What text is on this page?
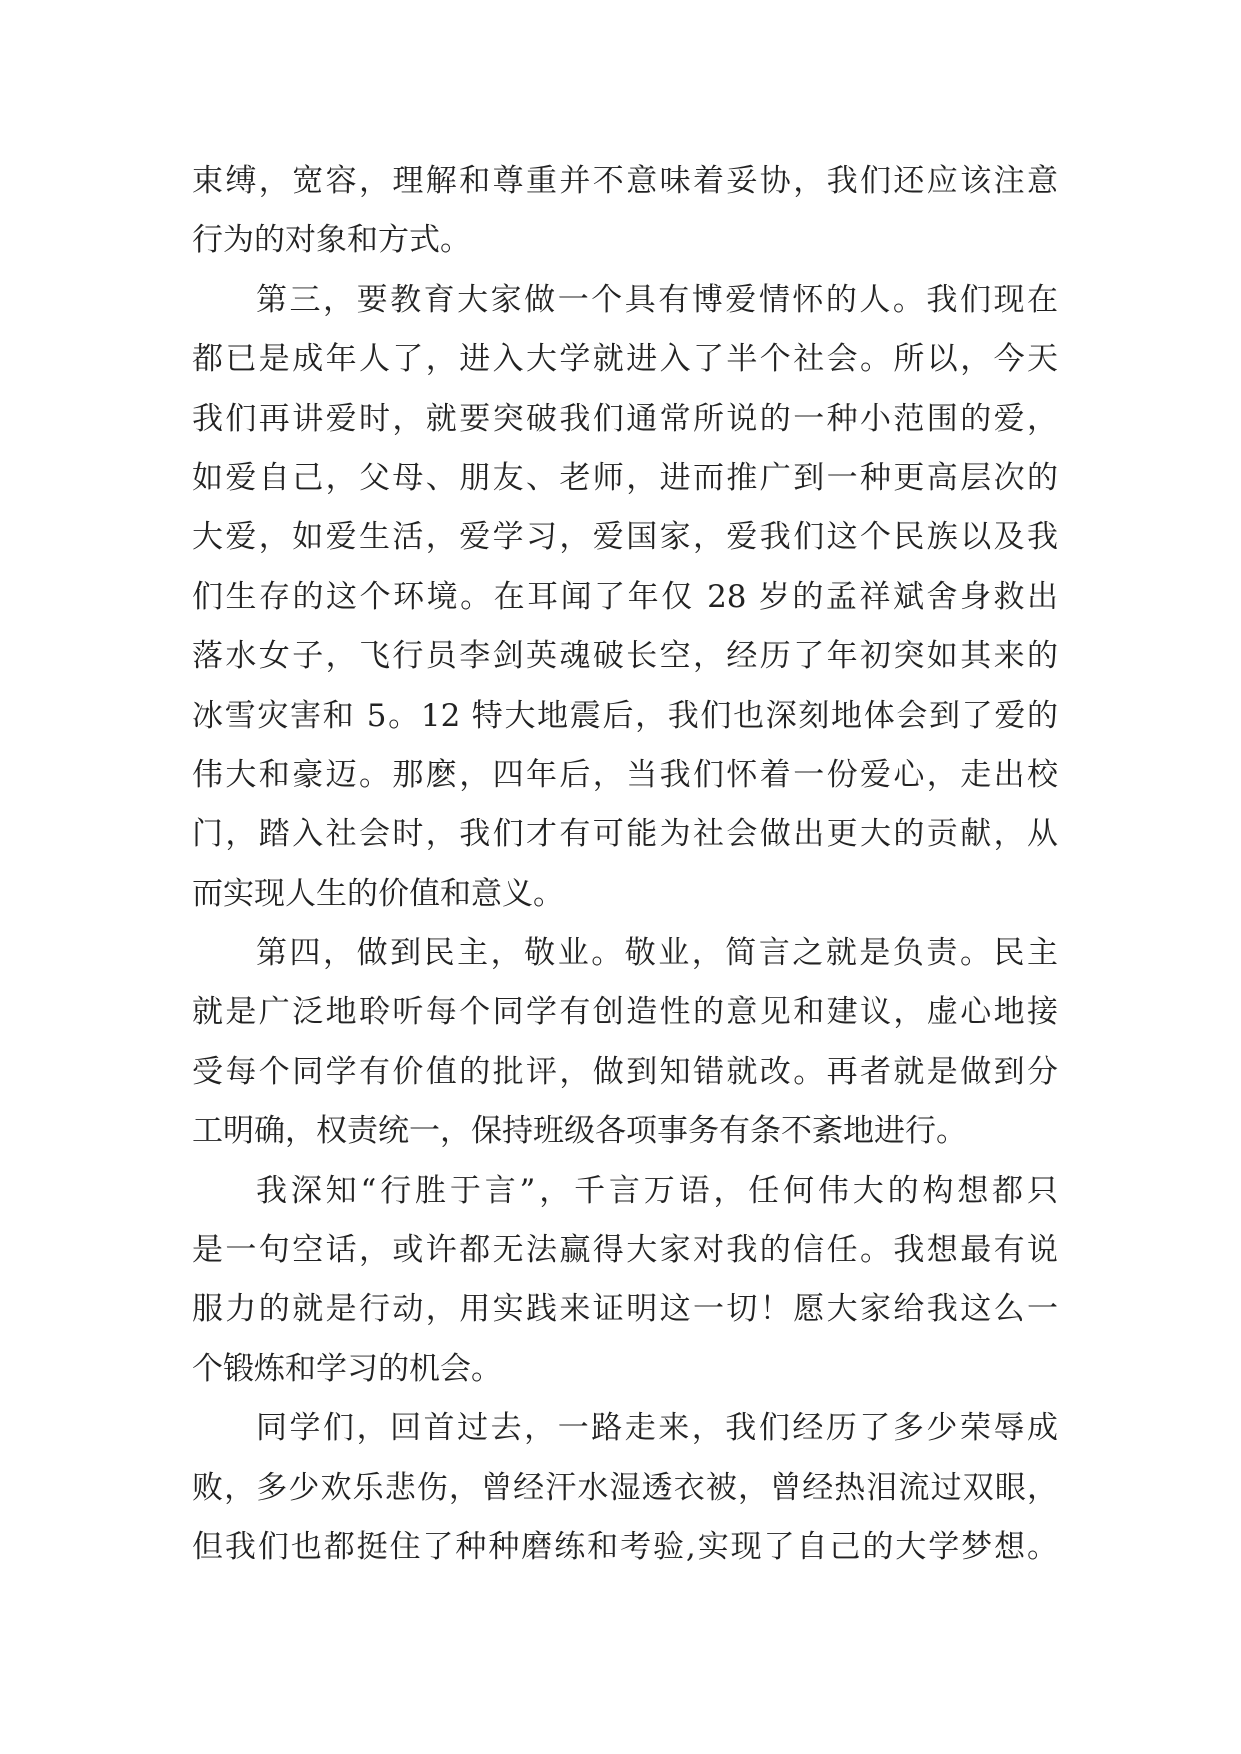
束缚，宽容，理解和尊重并不意味着妥协，我们还应该注意
行为的对象和方式。
第三，要教育大家做一个具有博爱情怀的人。我们现在
都已是成年人了，进入大学就进入了半个社会。所以，今天
我们再讲爱时，就要突破我们通常所说的一种小范围的爱，
如爱自己，父母、朋友、老师，进而推广到一种更高层次的
大爱，如爱生活，爱学习，爱国家，爱我们这个民族以及我
们生存的这个环境。在耳闻了年仅 28 岁的孟祥斌舍身救出
落水女子，飞行员李剑英魂破长空，经历了年初突如其来的
冰雪灾害和 5。12 特大地震后，我们也深刻地体会到了爱的
伟大和豪迈。那麽，四年后，当我们怀着一份爱心，走出校
门，踏入社会时，我们才有可能为社会做出更大的贡献，从
而实现人生的价值和意义。
第四，做到民主，敬业。敬业，简言之就是负责。民主
就是广泛地聆听每个同学有创造性的意见和建议，虚心地接
受每个同学有价值的批评，做到知错就改。再者就是做到分
工明确，权责统一，保持班级各项事务有条不紊地进行。
我深知“行胜于言”，千言万语，任何伟大的构想都只
是一句空话，或许都无法赢得大家对我的信任。我想最有说
服力的就是行动，用实践来证明这一切！愿大家给我这么一
个锻炼和学习的机会。
同学们，回首过去，一路走来，我们经历了多少荣辱成
败，多少欢乐悲伤，曾经汗水湿透衣被，曾经热泪流过双眼，
但我们也都挺住了种种磨练和考验,实现了自己的大学梦想。
